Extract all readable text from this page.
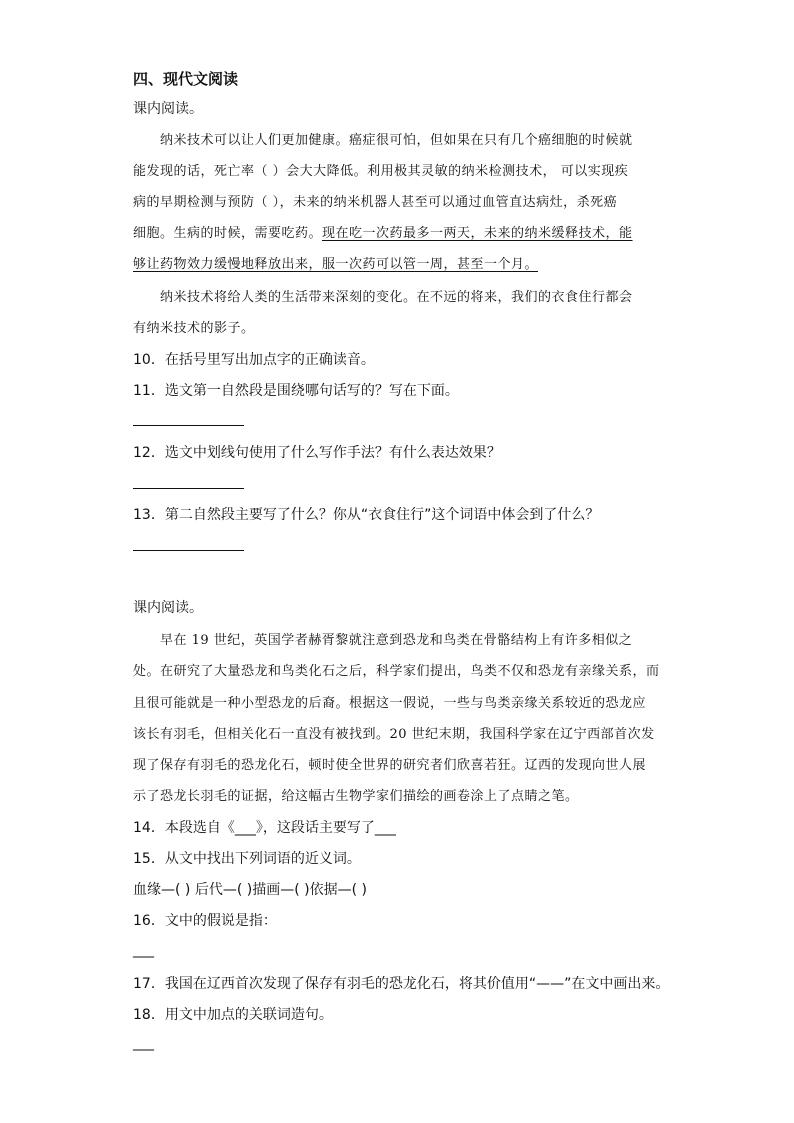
四、现代文阅读
课内阅读。
纳米技术可以让人们更加健康。癌症很可怕，但如果在只有几个癌细胞的时候就
能发现的话，死亡率（ ）会大大降低。利用极其灵敏的纳米检测技术， 可以实现疾
病的早期检测与预防（ ），未来的纳米机器人甚至可以通过血管直达病灶，杀死癌
细胞。生病的时候，需要吃药。现在吃一次药最多一两天，未来的纳米缓释技术，能
够让药物效力缓慢地释放出来，服一次药可以管一周，甚至一个月。
纳米技术将给人类的生活带来深刻的变化。在不远的将来，我们的衣食住行都会
有纳米技术的影子。
10．在括号里写出加点字的正确读音。
11．选文第一自然段是围绕哪句话写的？写在下面。
12．选文中划线句使用了什么写作手法？有什么表达效果？
13．第二自然段主要写了什么？你从“衣食住行”这个词语中体会到了什么？
课内阅读。
早在 19 世纪，英国学者赫胥黎就注意到恐龙和鸟类在骨骼结构上有许多相似之
处。在研究了大量恐龙和鸟类化石之后，科学家们提出，鸟类不仅和恐龙有亲缘关系，而
且很可能就是一种小型恐龙的后裔。根据这一假说，一些与鸟类亲缘关系较近的恐龙应
该长有羽毛，但相关化石一直没有被找到。20 世纪末期，我国科学家在辽宁西部首次发
现了保存有羽毛的恐龙化石，顿时使全世界的研究者们欣喜若狂。辽西的发现向世人展
示了恐龙长羽毛的证据，给这幅古生物学家们描绘的画卷涂上了点睛之笔。
14．本段选自《___》，这段话主要写了___
15．从文中找出下列词语的近义词。
血缘—( ) 后代—( )描画—( )依据—( )
16．文中的假说是指：
___
17．我国在辽西首次发现了保存有羽毛的恐龙化石，将其价值用“——”在文中画出来。
18．用文中加点的关联词造句。
___
